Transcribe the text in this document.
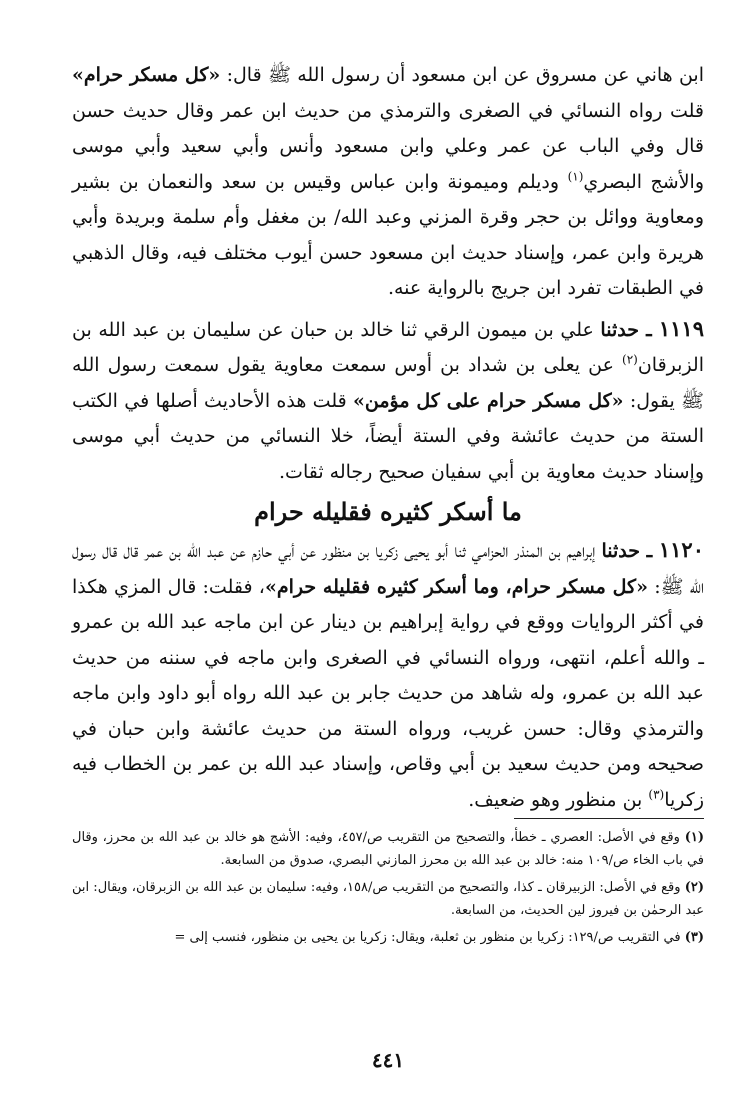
ابن هاني عن مسروق عن ابن مسعود أن رسول الله ﷺ قال: «كل مسكر حرام» قلت رواه النسائي في الصغرى والترمذي من حديث ابن عمر وقال حديث حسن قال وفي الباب عن عمر وعلي وابن مسعود وأنس وأبي سعيد وأبي موسى والأشج البصري$^{(١)}$ وديلم وميمونة وابن عباس وقيس بن سعد والنعمان بن بشير ومعاوية ووائل بن حجر وقرة المزني وعبد الله/ بن مغفل وأم سلمة وبريدة وأبي هريرة وابن عمر، وإسناد حديث ابن مسعود حسن أيوب مختلف فيه، وقال الذهبي في الطبقات تفرد ابن جريج بالرواية عنه.

١١١٩ ـ حدثنا علي بن ميمون الرقي ثنا خالد بن حبان عن سليمان بن عبد الله بن الزبرقان$^{(٢)}$ عن يعلى بن شداد بن أوس سمعت معاوية يقول سمعت رسول الله ﷺ يقول: «كل مسكر حرام على كل مؤمن» قلت هذه الأحاديث أصلها في الكتب الستة من حديث عائشة وفي الستة أيضاً، خلا النسائي من حديث أبي موسى وإسناد حديث معاوية بن أبي سفيان صحيح رجاله ثقات.

ما أسكر كثيره فقليله حرام

١١٢٠ ـ حدثنا إبراهيم بن المنذر الحزامي ثنا أبو يحيى زكريا بن منظور عن أبي حازم عن عبد الله بن عمر قال قال رسول الله ﷺ: «كل مسكر حرام، وما أسكر كثيره فقليله حرام»، فقلت: قال المزي هكذا في أكثر الروايات ووقع في رواية إبراهيم بن دينار عن ابن ماجه عبد الله بن عمرو ـ والله أعلم، انتهى، ورواه النسائي في الصغرى وابن ماجه في سننه من حديث عبد الله بن عمرو، وله شاهد من حديث جابر بن عبد الله رواه أبو داود وابن ماجه والترمذي وقال: حسن غريب، ورواه الستة من حديث عائشة وابن حبان في صحيحه ومن حديث سعيد بن أبي وقاص، وإسناد عبد الله بن عمر بن الخطاب فيه زكريا$^{(٣)}$ بن منظور وهو ضعيف.

(١) وقع في الأصل: العصري ـ خطأ، والتصحيح من التقريب ص/٤٥٧، وفيه: الأشج هو خالد بن عبد الله بن محرز، وقال في باب الخاء ص/١٠٩ منه: خالد بن عبد الله بن محرز المازني البصري، صدوق من السابعة.

(٢) وقع في الأصل: الزبيرقان ـ كذا، والتصحيح من التقريب ص/١٥٨، وفيه: سليمان بن عبد الله بن الزبرقان، ويقال: ابن عبد الرحمٰن بن فيروز لين الحديث، من السابعة.

(٣) في التقريب ص/١٢٩: زكريا بن منظور بن ثعلبة، ويقال: زكريا بن يحيى بن منظور، فنسب إلى =

٤٤١
